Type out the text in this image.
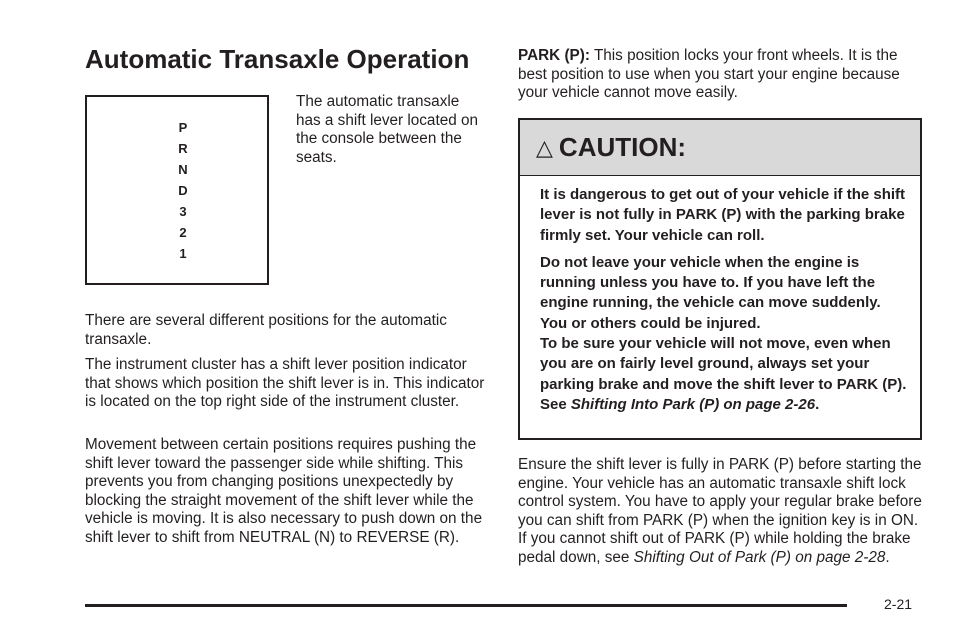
Automatic Transaxle Operation
P
R
N
D
3
2
1

The automatic transaxle has a shift lever located on the console between the seats.

There are several different positions for the automatic transaxle.

The instrument cluster has a shift lever position indicator that shows which position the shift lever is in. This indicator is located on the top right side of the instrument cluster.

Movement between certain positions requires pushing the shift lever toward the passenger side while shifting. This prevents you from changing positions unexpectedly by blocking the straight movement of the shift lever while the vehicle is moving. It is also necessary to push down on the shift lever to shift from NEUTRAL (N) to REVERSE (R).

PARK (P): This position locks your front wheels. It is the best position to use when you start your engine because your vehicle cannot move easily.

△ CAUTION:

It is dangerous to get out of your vehicle if the shift lever is not fully in PARK (P) with the parking brake firmly set. Your vehicle can roll.

Do not leave your vehicle when the engine is running unless you have to. If you have left the engine running, the vehicle can move suddenly. You or others could be injured.

To be sure your vehicle will not move, even when you are on fairly level ground, always set your parking brake and move the shift lever to PARK (P). See Shifting Into Park (P) on page 2-26.

Ensure the shift lever is fully in PARK (P) before starting the engine. Your vehicle has an automatic transaxle shift lock control system. You have to apply your regular brake before you can shift from PARK (P) when the ignition key is in ON. If you cannot shift out of PARK (P) while holding the brake pedal down, see Shifting Out of Park (P) on page 2-28.

2-21
